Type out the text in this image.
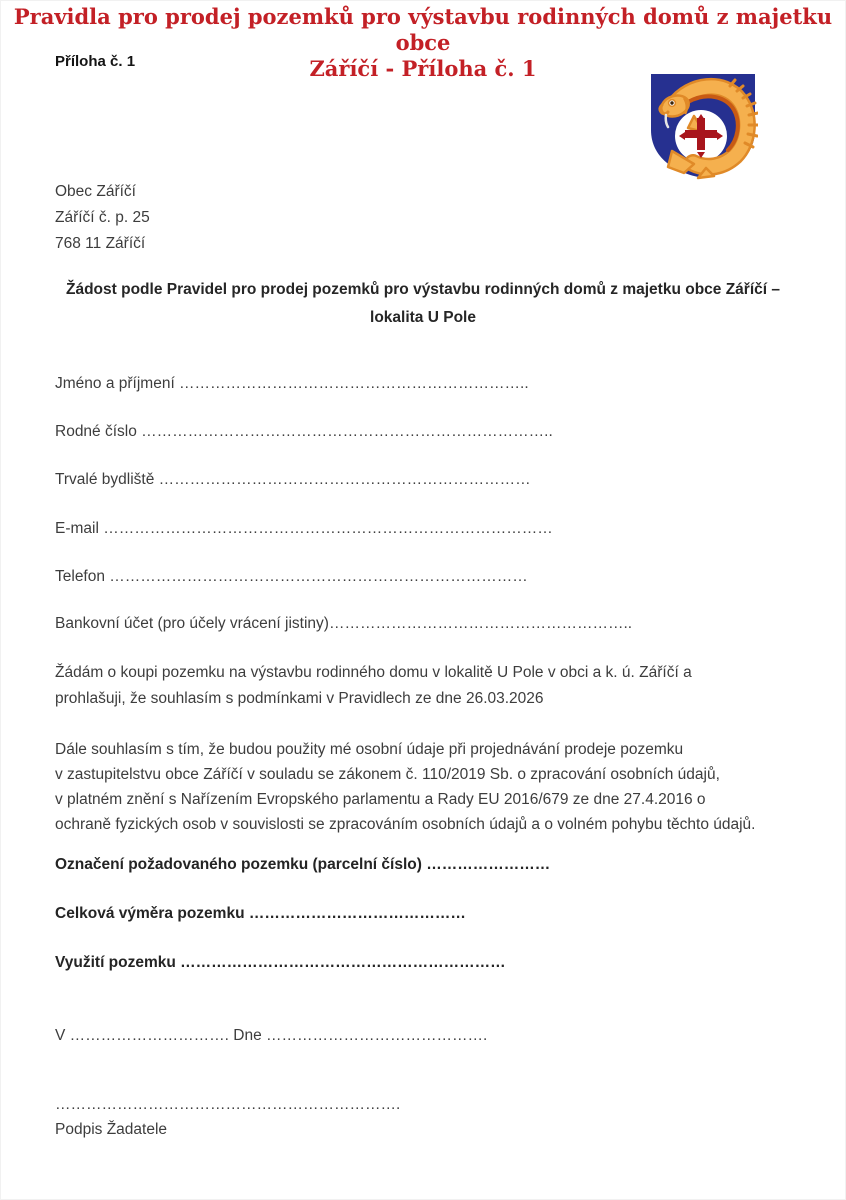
Pravidla pro prodej pozemků pro výstavbu rodinných domů z majetku obce
Záříčí - Příloha č. 1
Příloha č. 1
Obec Záříčí
Záříčí č. p. 25
768 11 Záříčí
Žádost podle Pravidel pro prodej pozemků pro výstavbu rodinných domů z majetku obce Záříčí –
lokalita U Pole
Jméno a příjmení …………………………………………………………..
Rodné číslo ……………………………………………………………………..
Trvalé bydliště ………………………………………………………………
E-mail ……………………………………………………………………………
Telefon ………………………………………………………………………
Bankovní účet (pro účely vrácení jistiny)…………………………………………………..
Žádám o koupi pozemku na výstavbu rodinného domu v lokalitě U Pole v obci a k. ú. Záříčí a
prohlašuji, že souhlasím s podmínkami v Pravidlech ze dne 26.03.2026
Dále souhlasím s tím, že budou použity mé osobní údaje při projednávání prodeje pozemku
v zastupitelstvu obce Záříčí v souladu se zákonem č. 110/2019 Sb. o zpracování osobních údajů,
v platném znění s Nařízením Evropského parlamentu a Rady EU 2016/679 ze dne 27.4.2016 o
ochraně fyzických osob v souvislosti se zpracováním osobních údajů a o volném pohybu těchto údajů.
Označení požadovaného pozemku (parcelní číslo) ……………………
Celková výměra pozemku ……………………………………
Využití pozemku ………………………………………………………
V …………………………. Dne …………………………………….
………………………………………………………….
Podpis Žadatele
